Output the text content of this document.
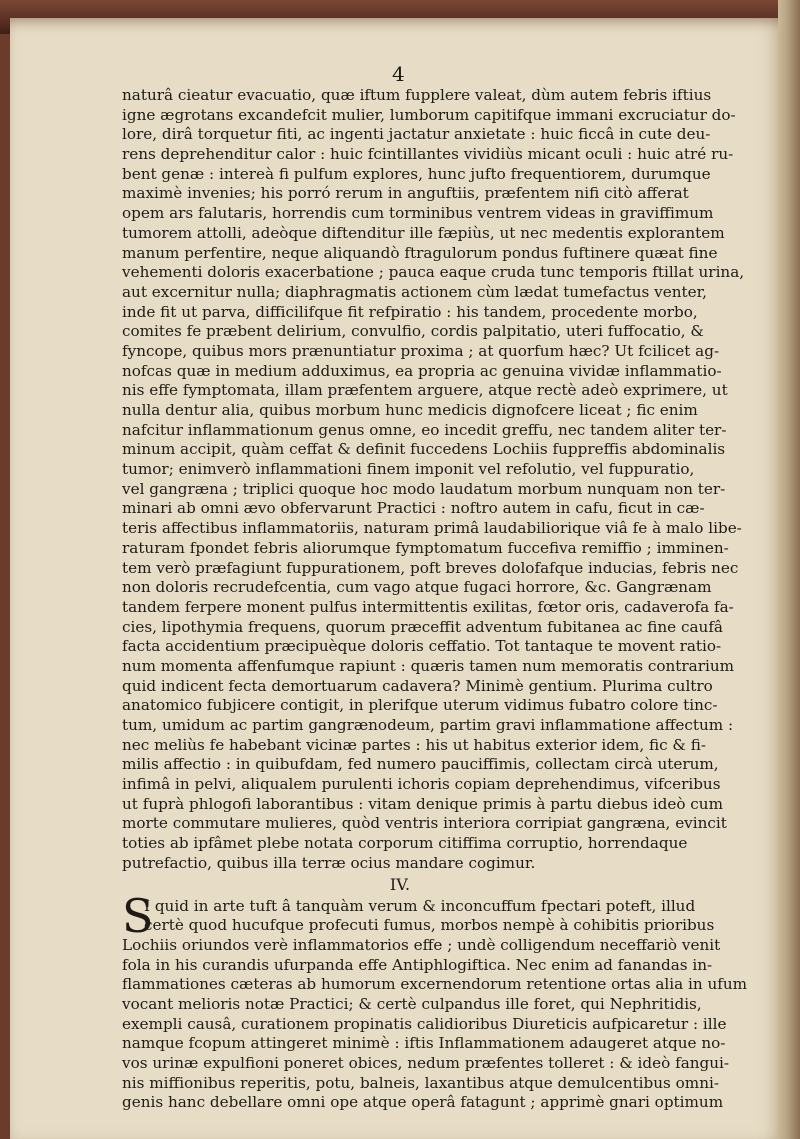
4
naturâ cieatur evacuatio, quæ iftum fupplere valeat, dùm autem febris iftius
igne ægrotans excandefcit mulier, lumborum capitifque immani excruciatur do-
lore, dirâ torquetur fiti, ac ingenti jactatur anxietate : huic ficcâ in cute deu-
rens deprehenditur calor : huic fcintillantes vividiùs micant oculi : huic atré ru-
bent genæ : intereà fi pulfum explores, hunc jufto frequentiorem, durumque
maximè invenies; his porró rerum in anguftiis, præfentem nifi citò afferat
opem ars falutaris, horrendis cum torminibus ventrem videas in graviffimum
tumorem attolli, adeòque diftenditur ille fæpiùs, ut nec medentis explorantem
manum perfentire, neque aliquandò ftragulorum pondus fuftinere quæat fine
vehementi doloris exacerbatione ; pauca eaque cruda tunc temporis ftillat urina,
aut excernitur nulla; diaphragmatis actionem cùm lædat tumefactus venter,
inde fit ut parva, difficilifque fit refpiratio : his tandem, procedente morbo,
comites fe præbent delirium, convulfio, cordis palpitatio, uteri fuffocatio, &
fyncope, quibus mors prænuntiatur proxima ; at quorfum hæc? Ut fcilicet ag-
nofcas quæ in medium adduximus, ea propria ac genuina vividæ inflammatio-
nis effe fymptomata, illam præfentem arguere, atque rectè adeò exprimere, ut
nulla dentur alia, quibus morbum hunc medicis dignofcere liceat ; fic enim
nafcitur inflammationum genus omne, eo incedit greffu, nec tandem aliter ter-
minum accipit, quàm ceffat & definit fuccedens Lochiis fuppreffis abdominalis
tumor; enimverò inflammationi finem imponit vel refolutio, vel fuppuratio,
vel gangræna ; triplici quoque hoc modo laudatum morbum nunquam non ter-
minari ab omni ævo obfervarunt Practici : noftro autem in cafu, ficut in cæ-
teris affectibus inflammatoriis, naturam primâ laudabiliorique viâ fe à malo libe-
raturam fpondet febris aliorumque fymptomatum fuccefiva remiffio ; imminen-
tem verò præfagiunt fuppurationem, poft breves dolofafque inducias, febris nec
non doloris recrudefcentia, cum vago atque fugaci horrore, &c. Gangrænam
tandem ferpere monent pulfus intermittentis exilitas, fœtor oris, cadaverofa fa-
cies, lipothymia frequens, quorum præceffit adventum fubitanea ac fine caufâ
facta accidentium præcipuèque doloris ceffatio. Tot tantaque te movent ratio-
num momenta affenfumque rapiunt : quæris tamen num memoratis contrarium
quid indicent fecta demortuarum cadavera? Minimè gentium. Plurima cultro
anatomico fubjicere contigit, in plerifque uterum vidimus fubatro colore tinc-
tum, umidum ac partim gangrænodeum, partim gravi inflammatione affectum :
nec meliùs fe habebant vicinæ partes : his ut habitus exterior idem, fic & fi-
milis affectio : in quibufdam, fed numero pauciffimis, collectam circà uterum,
infimâ in pelvi, aliqualem purulenti ichoris copiam deprehendimus, vifceribus
ut fuprà phlogofi laborantibus : vitam denique primis à partu diebus ideò cum
morte commutare mulieres, quòd ventris interiora corripiat gangræna, evincit
toties ab ipfâmet plebe notata corporum citiffima corruptio, horrendaque
putrefactio, quibus illa terræ ocius mandare cogimur.
IV.
S
I quid in arte tuft â tanquàm verum & inconcuffum fpectari poteft, illud
certè quod hucufque profecuti fumus, morbos nempè à cohibitis prioribus
Lochiis oriundos verè inflammatorios effe ; undè colligendum neceffariò venit
fola in his curandis ufurpanda effe Antiphlogiftica. Nec enim ad fanandas in-
flammationes cæteras ab humorum excernendorum retentione ortas alia in ufum
vocant melioris notæ Practici; & certè culpandus ille foret, qui Nephritidis,
exempli causâ, curationem propinatis calidioribus Diureticis aufpicaretur : ille
namque fcopum attingeret minimè : iftis Inflammationem adaugeret atque no-
vos urinæ expulfioni poneret obices, nedum præfentes tolleret : & ideò fangui-
nis miffionibus reperitis, potu, balneis, laxantibus atque demulcentibus omni-
genis hanc debellare omni ope atque operâ fatagunt ; apprimè gnari optimum
